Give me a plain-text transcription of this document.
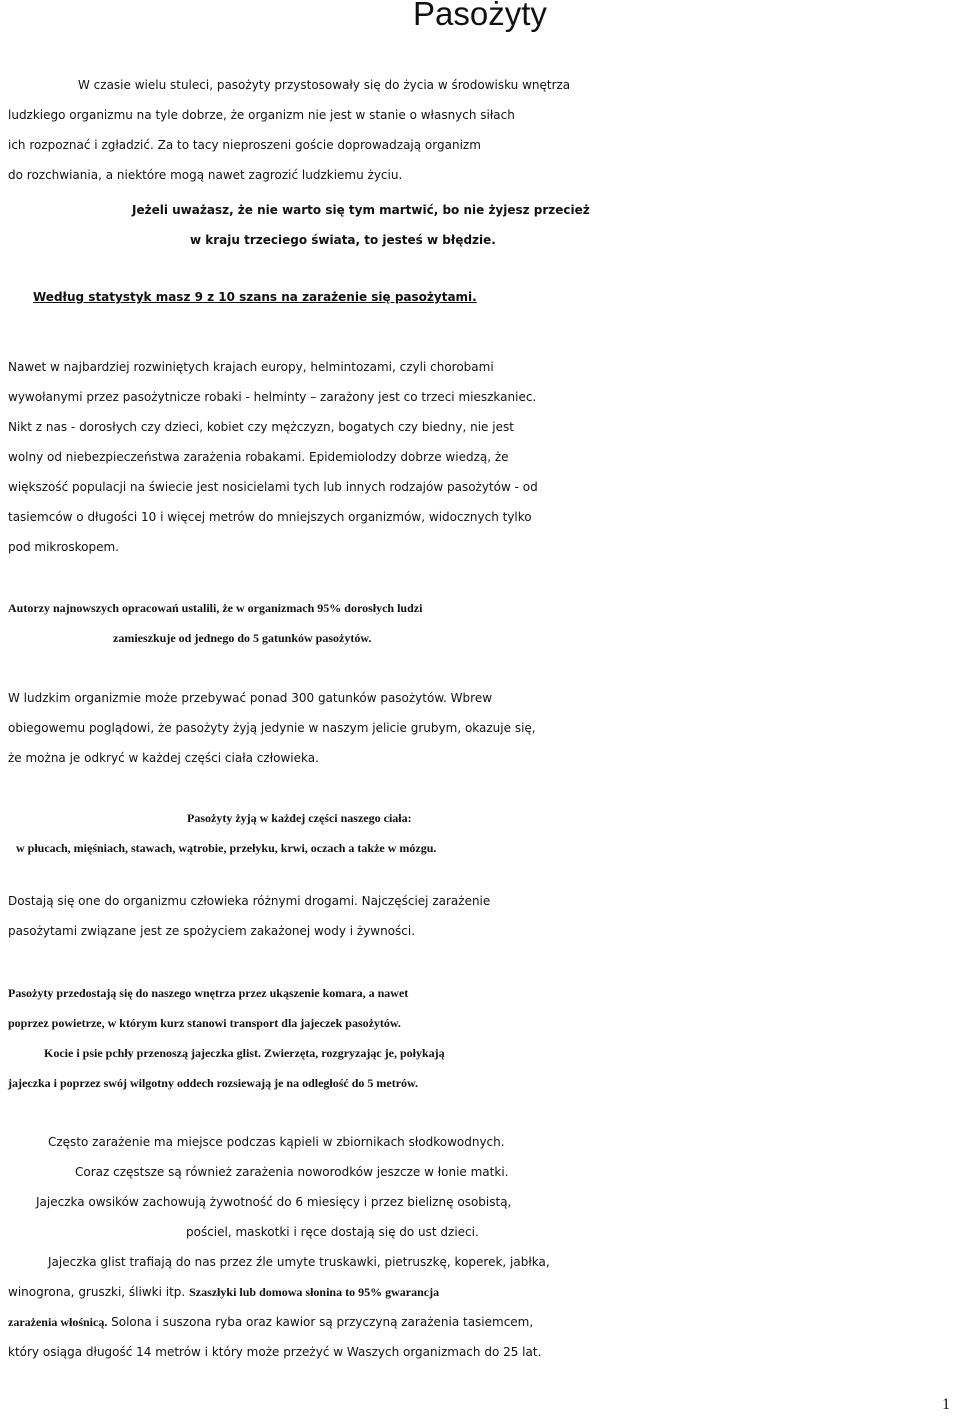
Pasożyty
W czasie wielu stuleci, pasożyty przystosowały się do życia w środowisku wnętrza
ludzkiego organizmu na tyle dobrze, że organizm nie jest w stanie o własnych siłach
ich rozpoznać i zgładzić. Za to tacy nieproszeni goście doprowadzają organizm
do rozchwiania, a niektóre mogą nawet zagrozić ludzkiemu życiu.
Jeżeli uważasz, że nie warto się tym martwić, bo nie żyjesz przecież
w kraju trzeciego świata, to jesteś w błędzie.
Według statystyk masz 9 z 10 szans na zarażenie się pasożytami.
Nawet w najbardziej rozwiniętych krajach europy, helmintozami, czyli chorobami
wywołanymi przez pasożytnicze robaki - helminty – zarażony jest co trzeci mieszkaniec.
Nikt z nas - dorosłych czy dzieci, kobiet czy mężczyzn, bogatych czy biedny, nie jest
wolny od niebezpieczeństwa zarażenia robakami. Epidemiolodzy dobrze wiedzą, że
większość populacji na świecie jest nosicielami tych lub innych rodzajów pasożytów - od
tasiemców o długości 10 i więcej metrów do mniejszych organizmów, widocznych tylko
pod mikroskopem.
Autorzy najnowszych opracowań ustalili, że w organizmach 95% dorosłych ludzi
zamieszkuje od jednego do 5 gatunków pasożytów.
W ludzkim organizmie może przebywać ponad 300 gatunków pasożytów. Wbrew
obiegowemu poglądowi, że pasożyty żyją jedynie w naszym jelicie grubym, okazuje się,
że można je odkryć w każdej części ciała człowieka.
Pasożyty żyją w każdej części naszego ciała:
w płucach, mięśniach, stawach, wątrobie, przełyku, krwi, oczach a także w mózgu.
Dostają się one do organizmu człowieka różnymi drogami. Najczęściej zarażenie
pasożytami związane jest ze spożyciem zakażonej wody i żywności.
Pasożyty przedostają się do naszego wnętrza przez ukąszenie komara, a nawet
poprzez powietrze, w którym kurz stanowi transport dla jajeczek pasożytów.
Kocie i psie pchły przenoszą jajeczka glist. Zwierzęta, rozgryzając je, połykają
jajeczka i poprzez swój wilgotny oddech rozsiewają je na odległość do 5 metrów.
Często zarażenie ma miejsce podczas kąpieli w zbiornikach słodkowodnych.
Coraz częstsze są również zarażenia noworodków jeszcze w łonie matki.
Jajeczka owsików zachowują żywotność do 6 miesięcy i przez bieliznę osobistą,
pościel, maskotki i ręce dostają się do ust dzieci.
Jajeczka glist trafiają do nas przez źle umyte truskawki, pietruszkę, koperek, jabłka,
winogrona, gruszki, śliwki itp. Szaszłyki lub domowa słonina to 95% gwarancja
zarażenia włośnicą. Solona i suszona ryba oraz kawior są przyczyną zarażenia tasiemcem,
który osiąga długość 14 metrów i który może przeżyć w Waszych organizmach do 25 lat.
1
